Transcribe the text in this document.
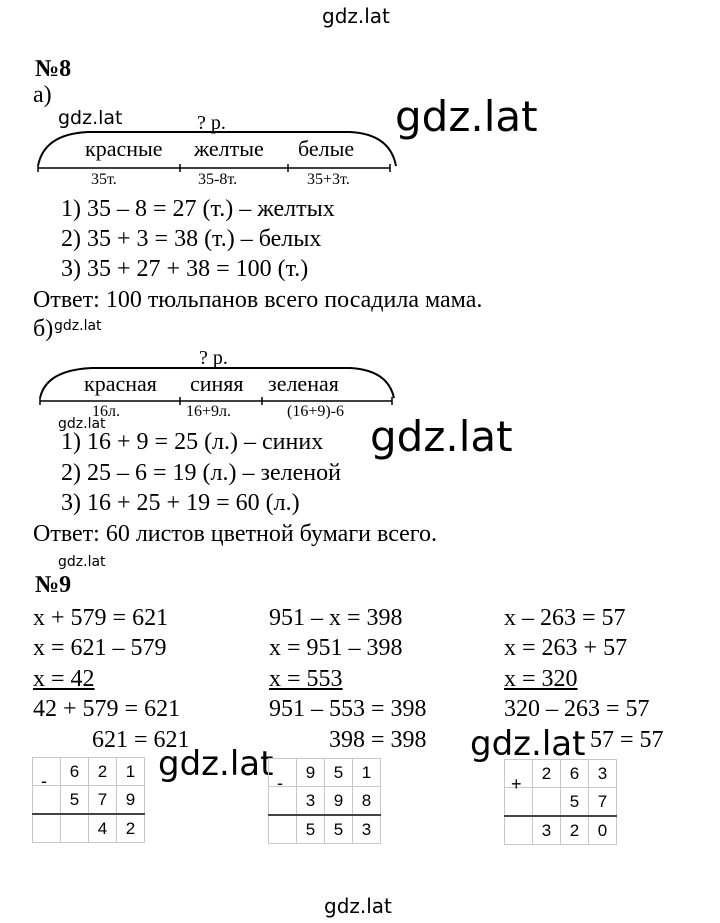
gdz.lat
gdz.lat
№8
а)
gdz.lat	gdz.lat
? р.
красные желтые белые
35т.	35-8т.	35+3т.
1) 35 – 8 = 27 (т.) – желтых
2) 35 + 3 = 38 (т.) – белых
3) 35 + 27 + 38 = 100 (т.)
Ответ: 100 тюльпанов всего посадила мама.
б) gdz.lat
? р.
красная синяя зеленая
16л.	16+9л.	(16+9)-6
gdz.lat
1) 16 + 9 = 25 (л.) – синих
2) 25 – 6 = 19 (л.) – зеленой
3) 16 + 25 + 19 = 60 (л.)
Ответ: 60 листов цветной бумаги всего.
gdz.lat
gdz.lat
№9
x + 579 = 621
x = 621 – 579
x = 42
42 + 579 = 621
621 = 621
951 – x = 398
x = 951 – 398
x = 553
951 – 553 = 398
398 = 398
x – 263 = 57
x = 263 + 57
x = 320
320 – 263 = 57
57 = 57
	6	2	1
	5	7	9
		4	2
-	gdz.lat
	9	5	1
	3	9	8
	5	5	3
-
gdz.lat
	2	6	3
		5	7
	3	2	0
+
